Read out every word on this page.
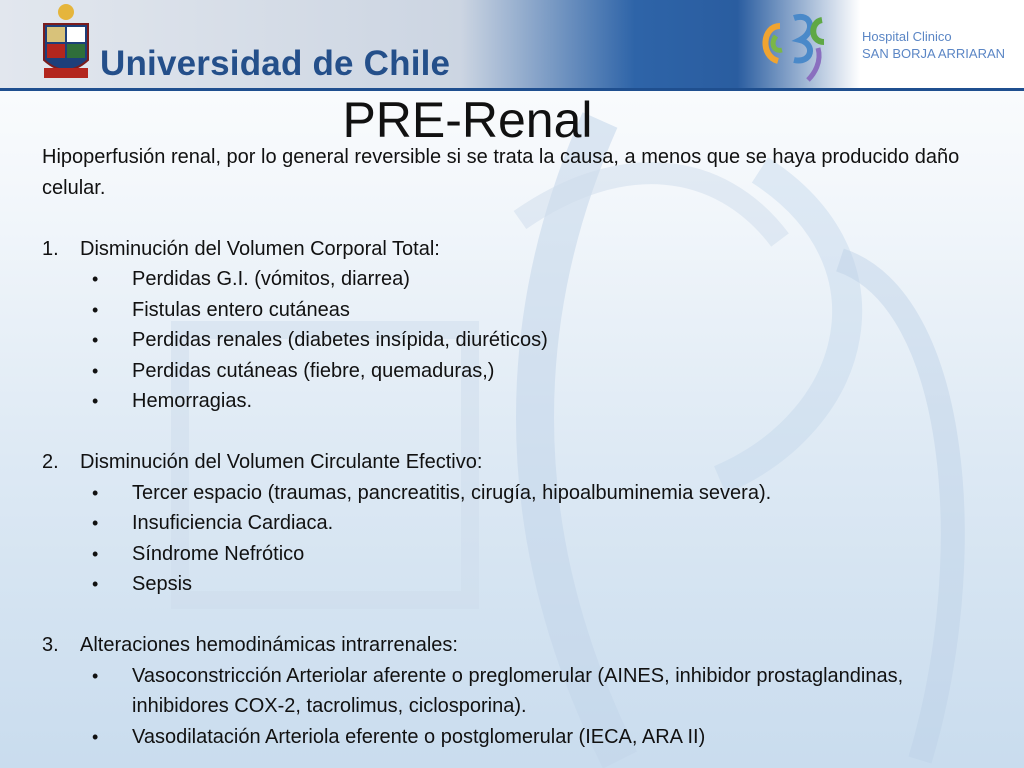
Universidad de Chile
Hospital Clinico
SAN BORJA ARRIARAN
PRE-Renal

Hipoperfusión renal, por lo general reversible si se trata la causa, a menos que se haya producido daño celular.

1.	Disminución del Volumen Corporal Total:
•	Perdidas G.I. (vómitos, diarrea)
•	Fistulas entero cutáneas
•	Perdidas renales (diabetes insípida, diuréticos)
•	Perdidas cutáneas (fiebre, quemaduras,)
•	Hemorragias.
2.	Disminución del Volumen Circulante Efectivo:
•	Tercer espacio (traumas, pancreatitis, cirugía, hipoalbuminemia severa).
•	Insuficiencia Cardiaca.
•	Síndrome Nefrótico
•	Sepsis
3.	Alteraciones hemodinámicas intrarrenales:
•	Vasoconstricción Arteriolar aferente o preglomerular (AINES, inhibidor prostaglandinas, inhibidores COX-2, tacrolimus, ciclosporina).
•	Vasodilatación Arteriola eferente o postglomerular (IECA, ARA II)
